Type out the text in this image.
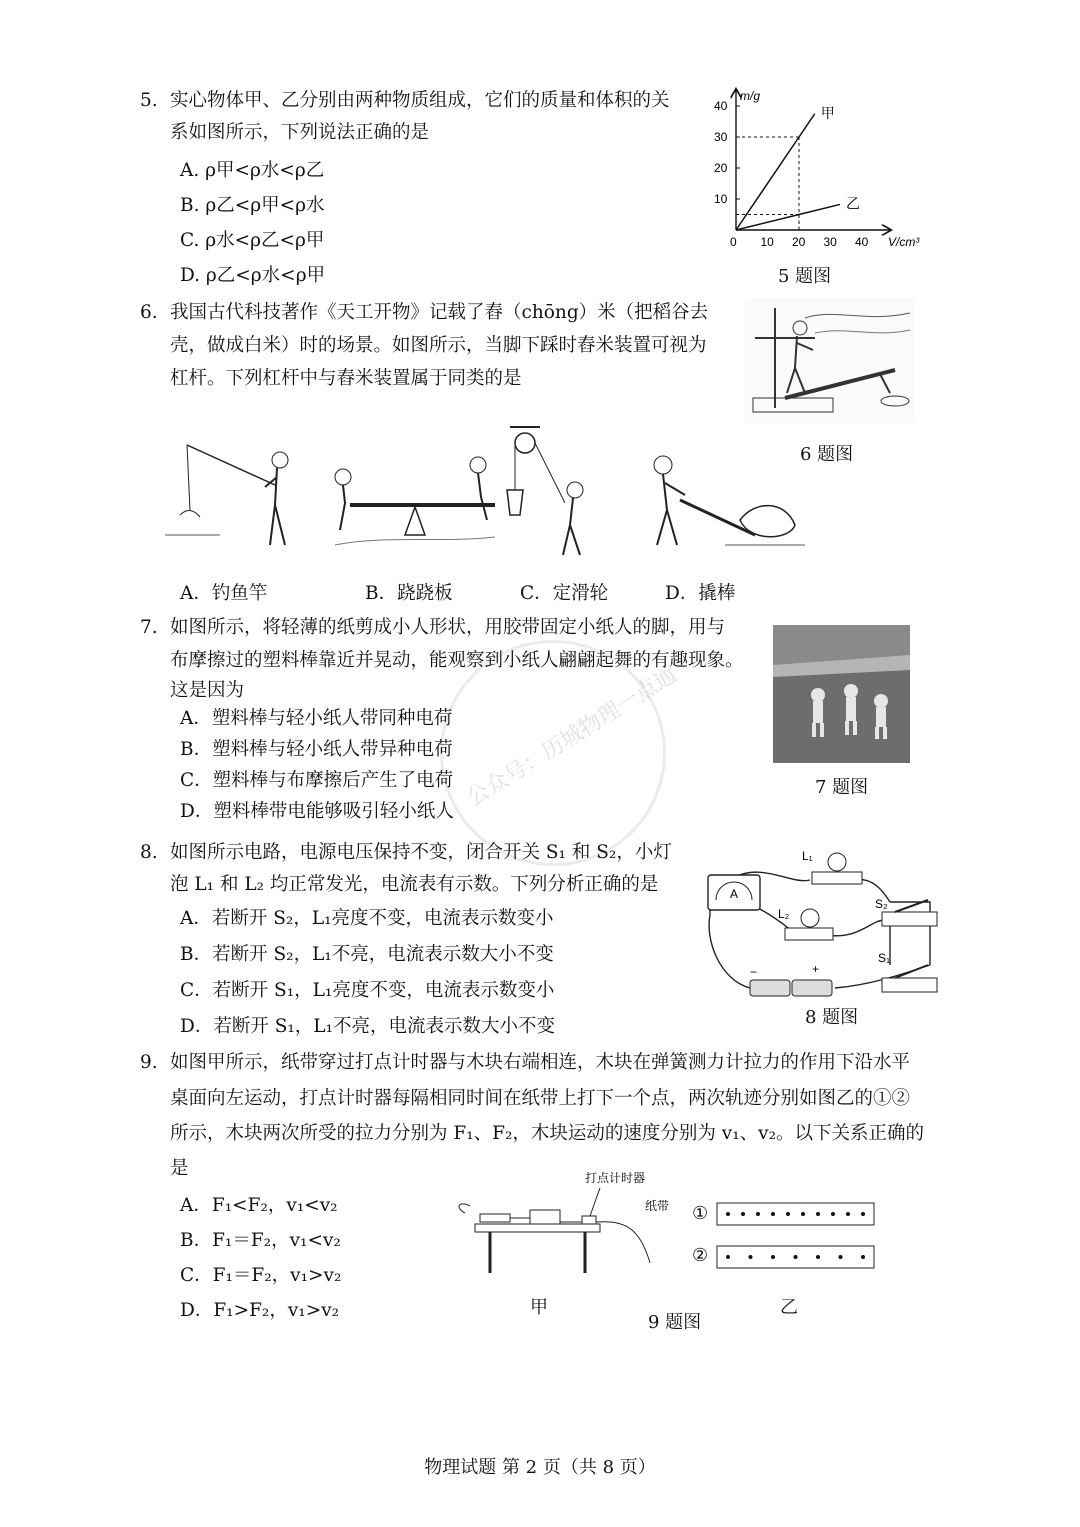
公众号：历城物理一点通
5. 实心物体甲、乙分别由两种物质组成，它们的质量和体积的关
系如图所示，下列说法正确的是
A. ρ甲<ρ水<ρ乙
B. ρ乙<ρ甲<ρ水
C. ρ水<ρ乙<ρ甲
D. ρ乙<ρ水<ρ甲
m/g
V/cm³
0 10 20 30 40
10
20
30
40	甲
乙
5 题图
6. 我国古代科技著作《天工开物》记载了舂（chōng）米（把稻谷去
壳，做成白米）时的场景。如图所示，当脚下踩时舂米装置可视为
杠杆。下列杠杆中与舂米装置属于同类的是
6 题图
A．钓鱼竿	B．跷跷板	C．定滑轮	D．撬棒
7. 如图所示，将轻薄的纸剪成小人形状，用胶带固定小纸人的脚，用与
布摩擦过的塑料棒靠近并晃动，能观察到小纸人翩翩起舞的有趣现象。
这是因为
A．塑料棒与轻小纸人带同种电荷
B．塑料棒与轻小纸人带异种电荷
C．塑料棒与布摩擦后产生了电荷
D．塑料棒带电能够吸引轻小纸人
7 题图
8. 如图所示电路，电源电压保持不变，闭合开关 S₁ 和 S₂，小灯
泡 L₁ 和 L₂ 均正常发光，电流表有示数。下列分析正确的是
A．若断开 S₂，L₁亮度不变，电流表示数变小
B．若断开 S₂，L₁不亮，电流表示数大小不变
C．若断开 S₁，L₁亮度不变，电流表示数变小
D．若断开 S₁，L₁不亮，电流表示数大小不变
A
L₁
L₂
S₂
S₁
−	+
8 题图
9. 如图甲所示，纸带穿过打点计时器与木块右端相连，木块在弹簧测力计拉力的作用下沿水平
桌面向左运动，打点计时器每隔相同时间在纸带上打下一个点，两次轨迹分别如图乙的①②
所示，木块两次所受的拉力分别为 F₁、F₂，木块运动的速度分别为 v₁、v₂。以下关系正确的
是
A．F₁<F₂，v₁<v₂
B．F₁＝F₂，v₁<v₂
C．F₁＝F₂，v₁>v₂
D．F₁>F₂，v₁>v₂
打点计时器
纸带
甲
①
②
乙
9 题图
物理试题 第 2 页（共 8 页）
